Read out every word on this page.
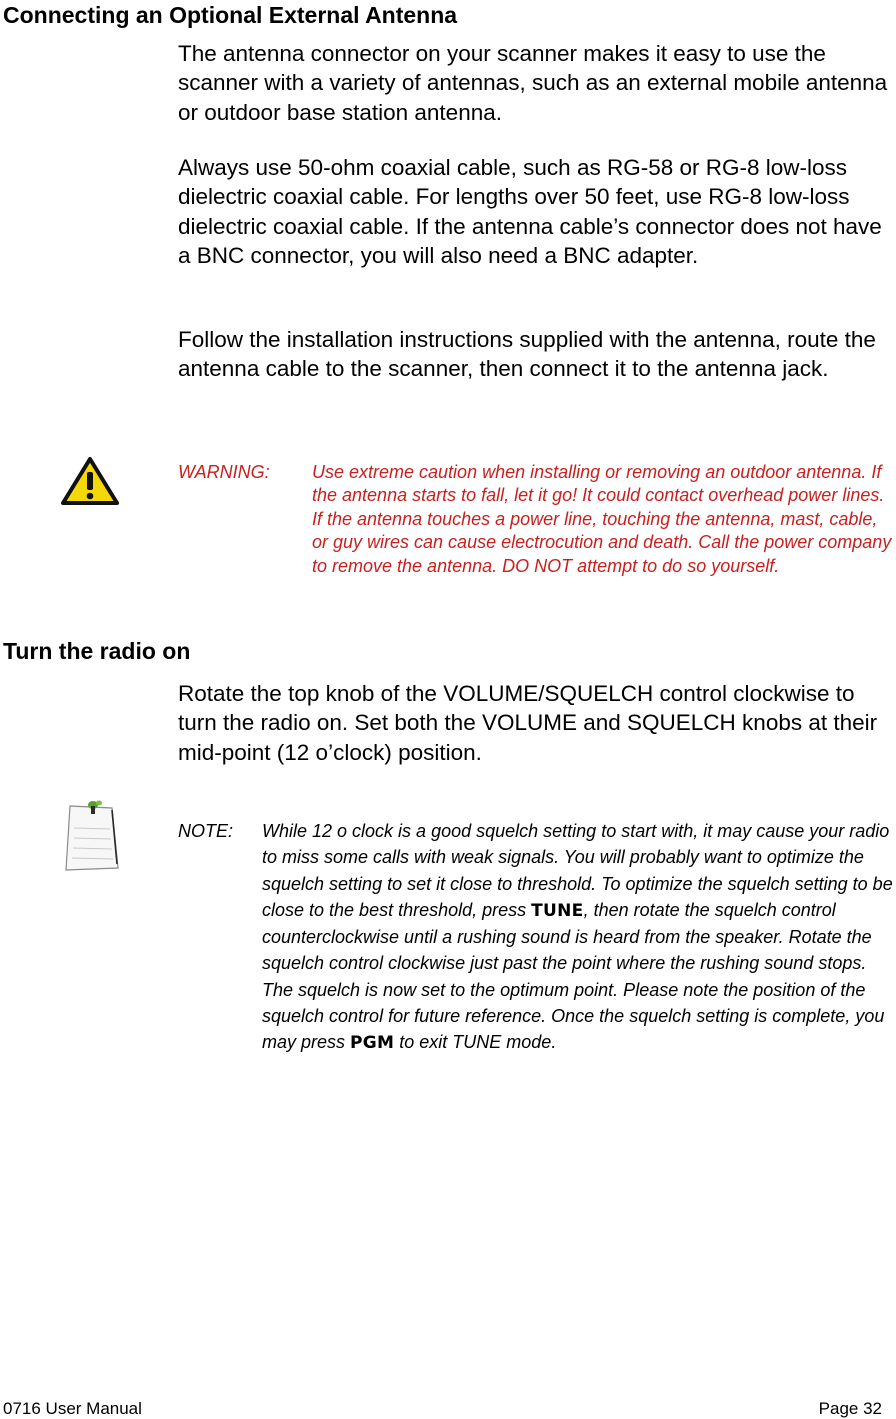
Connecting an Optional External Antenna

The antenna connector on your scanner makes it easy to use the scanner with a variety of antennas, such as an external mobile antenna or outdoor base station antenna.

Always use 50-ohm coaxial cable, such as RG-58 or RG-8 low-loss dielectric coaxial cable. For lengths over 50 feet, use RG-8 low-loss dielectric coaxial cable. If the antenna cable’s connector does not have a BNC connector, you will also need a BNC adapter.

Follow the installation instructions supplied with the antenna, route the antenna cable to the scanner, then connect it to the antenna jack.

WARNING: Use extreme caution when installing or removing an outdoor antenna. If the antenna starts to fall, let it go! It could contact overhead power lines. If the antenna touches a power line, touching the antenna, mast, cable, or guy wires can cause electrocution and death. Call the power company to remove the antenna. DO NOT attempt to do so yourself.

Turn the radio on

Rotate the top knob of the VOLUME/SQUELCH control clockwise to turn the radio on. Set both the VOLUME and SQUELCH knobs at their mid-point (12 o’clock) position.

NOTE: While 12 o clock is a good squelch setting to start with, it may cause your radio to miss some calls with weak signals. You will probably want to optimize the squelch setting to set it close to threshold. To optimize the squelch setting to be close to the best threshold, press TUNE, then rotate the squelch control counterclockwise until a rushing sound is heard from the speaker. Rotate the squelch control clockwise just past the point where the rushing sound stops. The squelch is now set to the optimum point. Please note the position of the squelch control for future reference. Once the squelch setting is complete, you may press PGM to exit TUNE mode.

0716 User Manual	Page 32
